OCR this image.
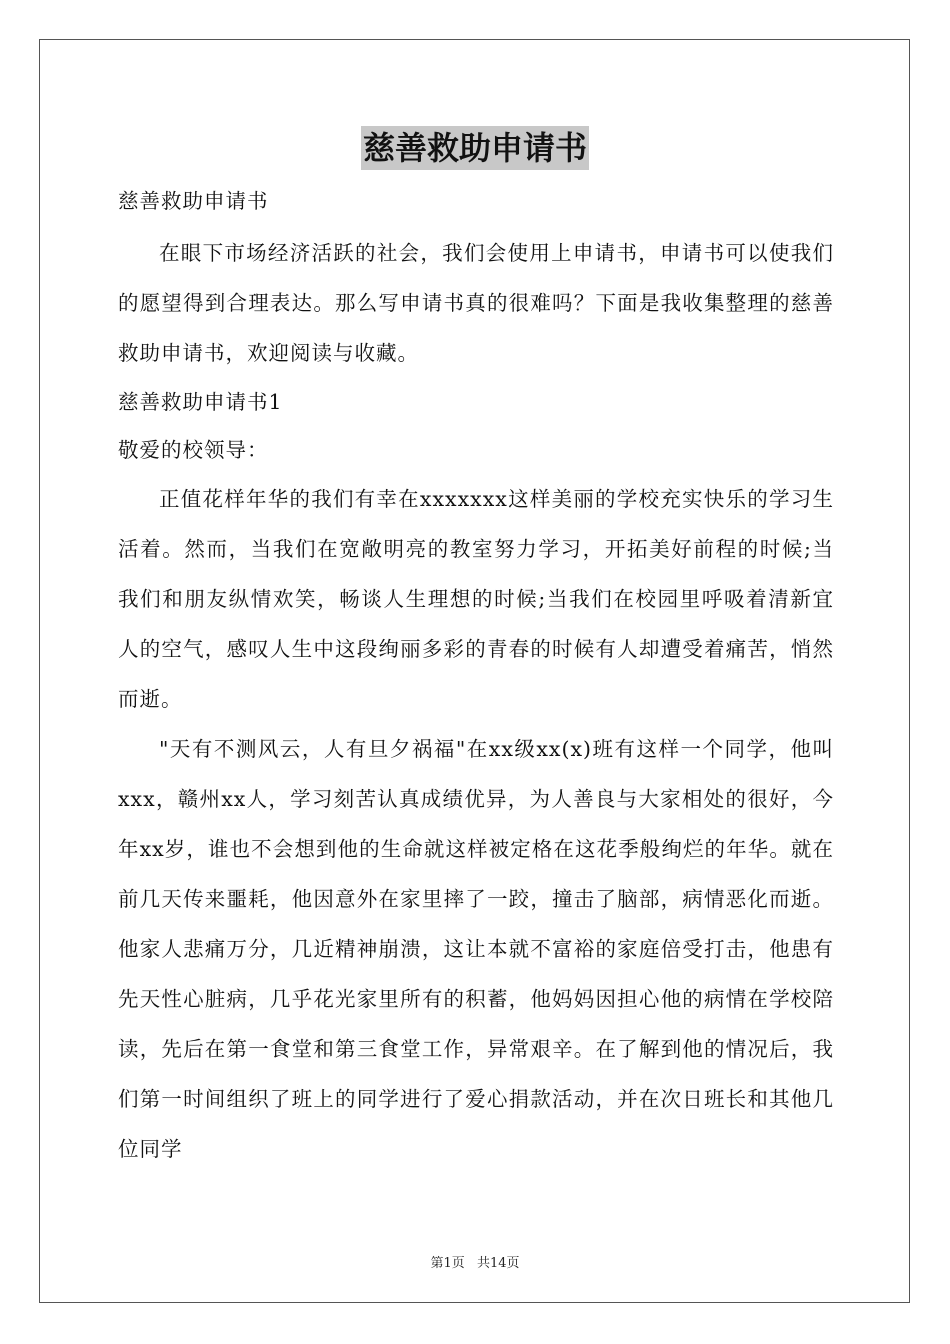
慈善救助申请书

慈善救助申请书

在眼下市场经济活跃的社会，我们会使用上申请书，申请书可以使我们的愿望得到合理表达。那么写申请书真的很难吗？下面是我收集整理的慈善救助申请书，欢迎阅读与收藏。

慈善救助申请书1

敬爱的校领导：

正值花样年华的我们有幸在xxxxxxx这样美丽的学校充实快乐的学习生活着。然而，当我们在宽敞明亮的教室努力学习，开拓美好前程的时候;当我们和朋友纵情欢笑，畅谈人生理想的时候;当我们在校园里呼吸着清新宜人的空气，感叹人生中这段绚丽多彩的青春的时候有人却遭受着痛苦，悄然而逝。

"天有不测风云，人有旦夕祸福"在xx级xx(x)班有这样一个同学，他叫xxx，赣州xx人，学习刻苦认真成绩优异，为人善良与大家相处的很好，今年xx岁，谁也不会想到他的生命就这样被定格在这花季般绚烂的年华。就在前几天传来噩耗，他因意外在家里摔了一跤，撞击了脑部，病情恶化而逝。他家人悲痛万分，几近精神崩溃，这让本就不富裕的家庭倍受打击，他患有先天性心脏病，几乎花光家里所有的积蓄，他妈妈因担心他的病情在学校陪读，先后在第一食堂和第三食堂工作，异常艰辛。在了解到他的情况后，我们第一时间组织了班上的同学进行了爱心捐款活动，并在次日班长和其他几位同学

第1页 共14页
